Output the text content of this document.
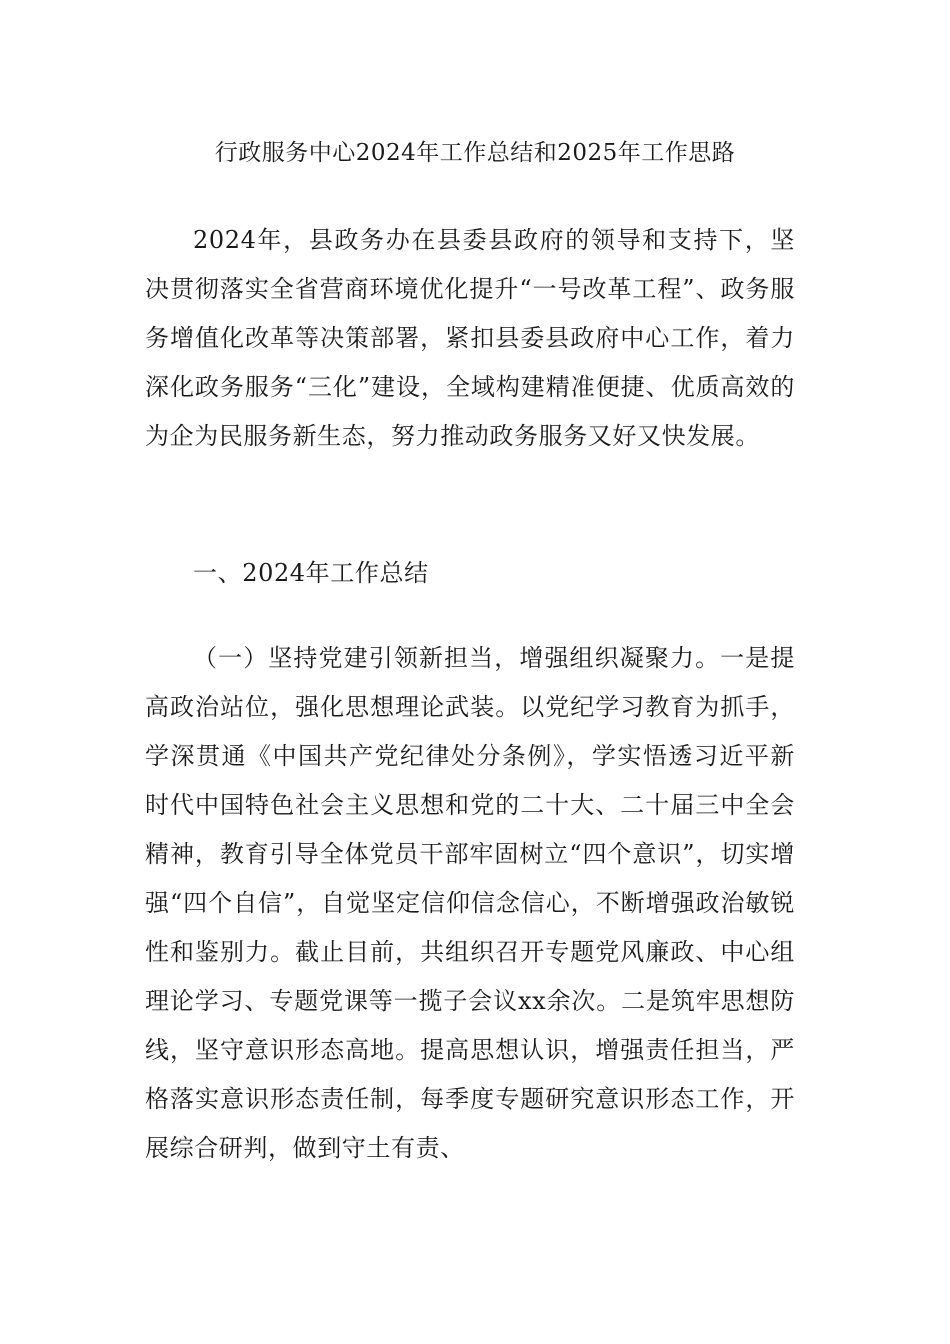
行政服务中心2024年工作总结和2025年工作思路

2024年，县政务办在县委县政府的领导和支持下，坚决贯彻落实全省营商环境优化提升“一号改革工程”、政务服务增值化改革等决策部署，紧扣县委县政府中心工作，着力深化政务服务“三化”建设，全域构建精准便捷、优质高效的为企为民服务新生态，努力推动政务服务又好又快发展。

一、2024年工作总结

（一）坚持党建引领新担当，增强组织凝聚力。一是提高政治站位，强化思想理论武装。以党纪学习教育为抓手，学深贯通《中国共产党纪律处分条例》，学实悟透习近平新时代中国特色社会主义思想和党的二十大、二十届三中全会精神，教育引导全体党员干部牢固树立“四个意识”，切实增强“四个自信”，自觉坚定信仰信念信心，不断增强政治敏锐性和鉴别力。截止目前，共组织召开专题党风廉政、中心组理论学习、专题党课等一揽子会议xx余次。二是筑牢思想防线，坚守意识形态高地。提高思想认识，增强责任担当，严格落实意识形态责任制，每季度专题研究意识形态工作，开展综合研判，做到守土有责、
